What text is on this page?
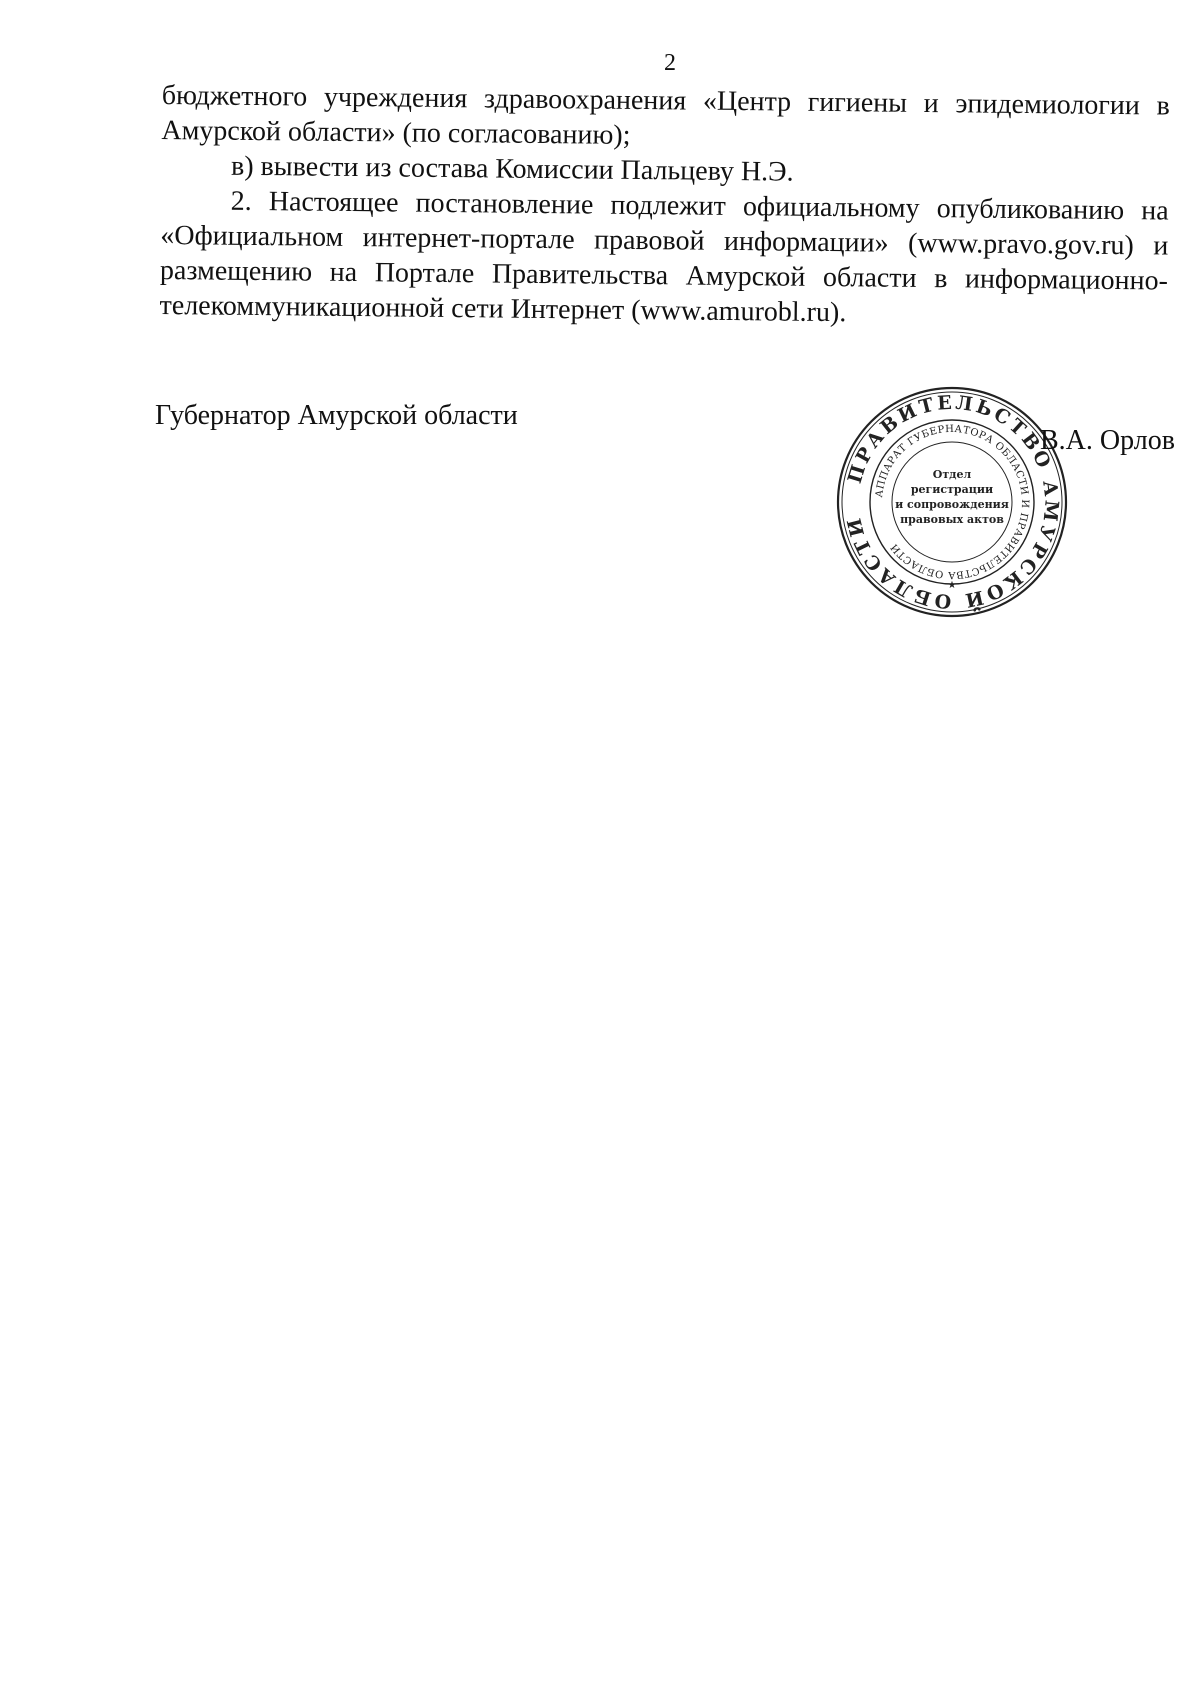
2

бюджетного учреждения здравоохранения «Центр гигиены и эпидемиологии в Амурской области» (по согласованию);

в) вывести из состава Комиссии Пальцеву Н.Э.

2. Настоящее постановление подлежит официальному опубликованию на «Официальном интернет-портале правовой информации» (www.pravo.gov.ru) и размещению на Портале Правительства Амурской области в информационно-телекоммуникационной сети Интернет (www.amurobl.ru).

Губернатор Амурской области
ПРАВИТЕЛЬСТВО АМУРСКОЙ ОБЛАСТИ
АППАРАТ ГУБЕРНАТОРА ОБЛАСТИ И ПРАВИТЕЛЬСТВА ОБЛАСТИ
★
Отдел
регистрации
и сопровождения
правовых актов
В.А. Орлов
